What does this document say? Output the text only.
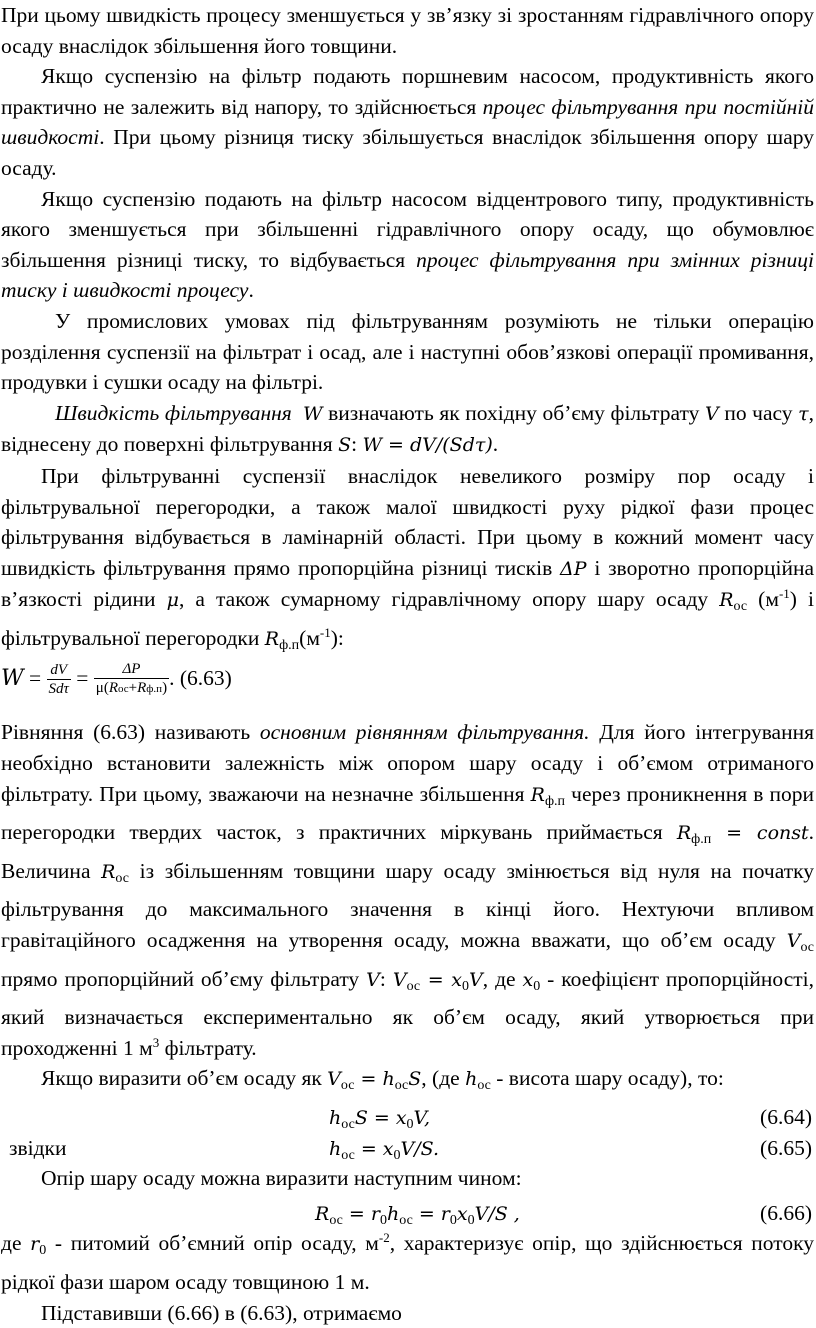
При цьому швидкість процесу зменшується у зв’язку зі зростанням гідравлічного опору осаду внаслідок збільшення його товщини.

Якщо суспензію на фільтр подають поршневим насосом, продуктивність якого практично не залежить від напору, то здійснюється процес фільтрування при постійній швидкості. При цьому різниця тиску збільшується внаслідок збільшення опору шару осаду.

Якщо суспензію подають на фільтр насосом відцентрового типу, продуктивність якого зменшується при збільшенні гідравлічного опору осаду, що обумовлює збільшення різниці тиску, то відбувається процес фільтрування при змінних різниці тиску і швидкості процесу.

У промислових умовах під фільтруванням розуміють не тільки операцію розділення суспензії на фільтрат і осад, але і наступні обов’язкові операції промивання, продувки і сушки осаду на фільтрі.

Швидкість фільтрування W визначають як похідну об’єму фільтрату V по часу τ, віднесену до поверхні фільтрування S: W = dV/(Sdτ).

При фільтруванні суспензії внаслідок невеликого розміру пор осаду і фільтрувальної перегородки, а також малої швидкості руху рідкої фази процес фільтрування відбувається в ламінарній області. При цьому в кожний момент часу швидкість фільтрування прямо пропорційна різниці тисків ΔP і зворотно пропорційна в’язкості рідини μ, а також сумарному гідравлічному опору шару осаду $R_{ос}$ $(м^{-1})$ і фільтрувальної перегородки $R_{ф.п}(м^{-1})$:

$W = \frac{dV}{\text{Sdτ}} = \frac{\Delta P}{\text{μ(Rос+Rф.п)}}$ . (6.63)

Рівняння (6.63) називають основним рівнянням фільтрування. Для його інтегрування необхідно встановити залежність між опором шару осаду і об’ємом отриманого фільтрату. При цьому, зважаючи на незначне збільшення $R_{ф.п}$ через проникнення в пори перегородки твердих часток, з практичних міркувань приймається $R_{ф.п}$ = const. Величина $R_{ос}$ із збільшенням товщини шару осаду змінюється від нуля на початку фільтрування до максимального значення в кінці його. Нехтуючи впливом гравітаційного осадження на утворення осаду, можна вважати, що об’єм осаду $V_{ос}$ прямо пропорційний об’єму фільтрату V: $V_{ос} = x_0V$, де $x_0$ - коефіцієнт пропорційності, який визначається експериментально як об’єм осаду, який утворюється при проходженні 1 $м^3$ фільтрату.

Якщо виразити об’єм осаду як $V_{ос} = h_{ос}S$, (де $h_{ос}$ - висота шару осаду), то:

$h_{ос}S = x_0V$,	(6.64)
звідки	$h_{ос} = x_0V/S$.	(6.65)

Опір шару осаду можна виразити наступним чином:

$R_{ос} = r_0h_{ос} = r_0x_0V/S$ ,	(6.66)

де $r_0$ - питомий об’ємний опір осаду, $м^{-2}$, характеризує опір, що здійснюється потоку рідкої фази шаром осаду товщиною 1 м.

Підставивши (6.66) в (6.63), отримаємо
